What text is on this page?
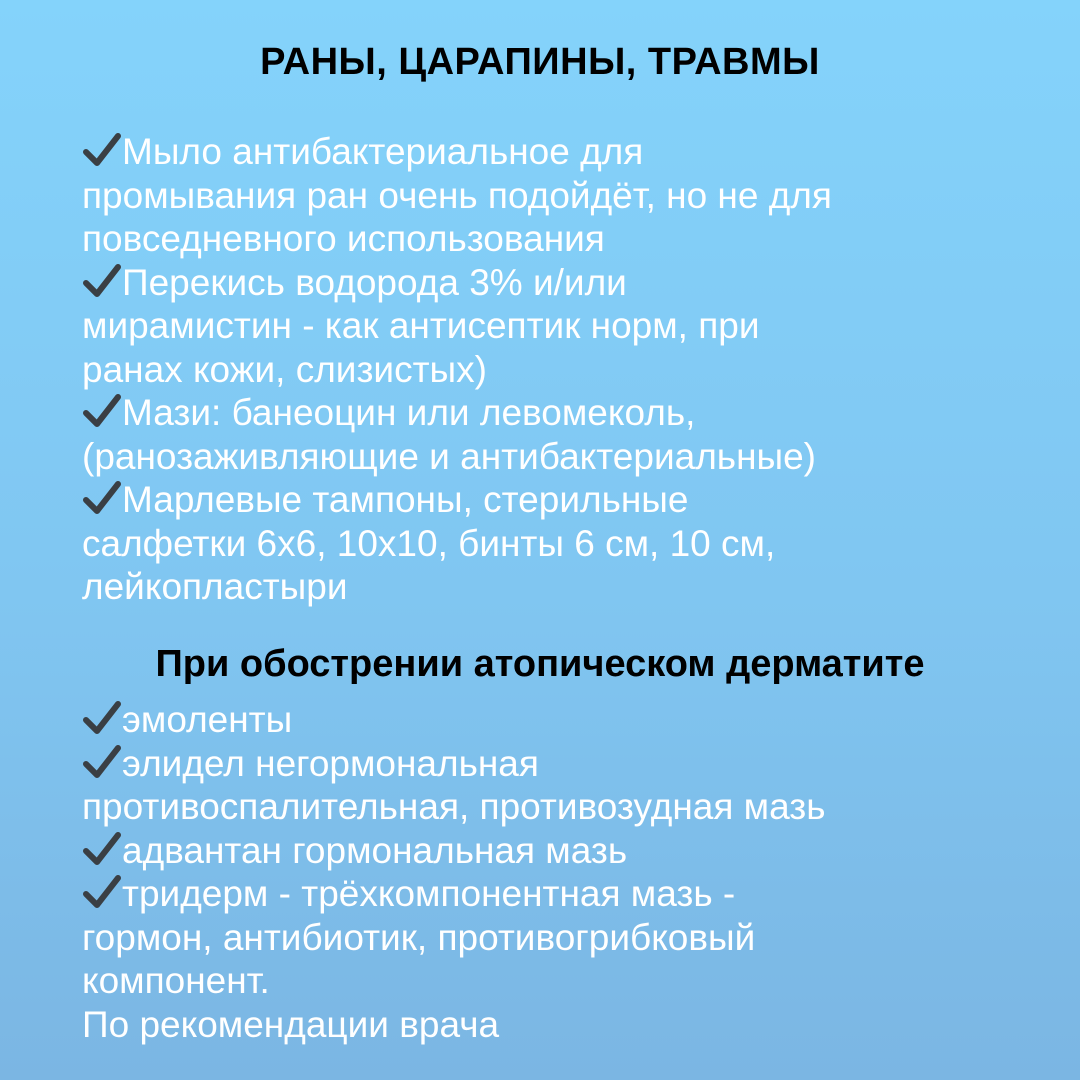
РАНЫ, ЦАРАПИНЫ, ТРАВМЫ
Мыло антибактериальное для
промывания ран очень подойдёт, но не для
повседневного использования
Перекись водорода 3% и/или
мирамистин - как антисептик норм, при
ранах кожи, слизистых)
Мази: банеоцин или левомеколь,
(ранозаживляющие и антибактериальные)
Марлевые тампоны, стерильные
салфетки 6х6, 10х10, бинты 6 см, 10 см,
лейкопластыри
При обострении атопическом дерматите
эмоленты
элидел негормональная
противоспалительная, противозудная мазь
адвантан гормональная мазь
тридерм - трёхкомпонентная мазь -
гормон, антибиотик, противогрибковый
компонент.
По рекомендации врача
